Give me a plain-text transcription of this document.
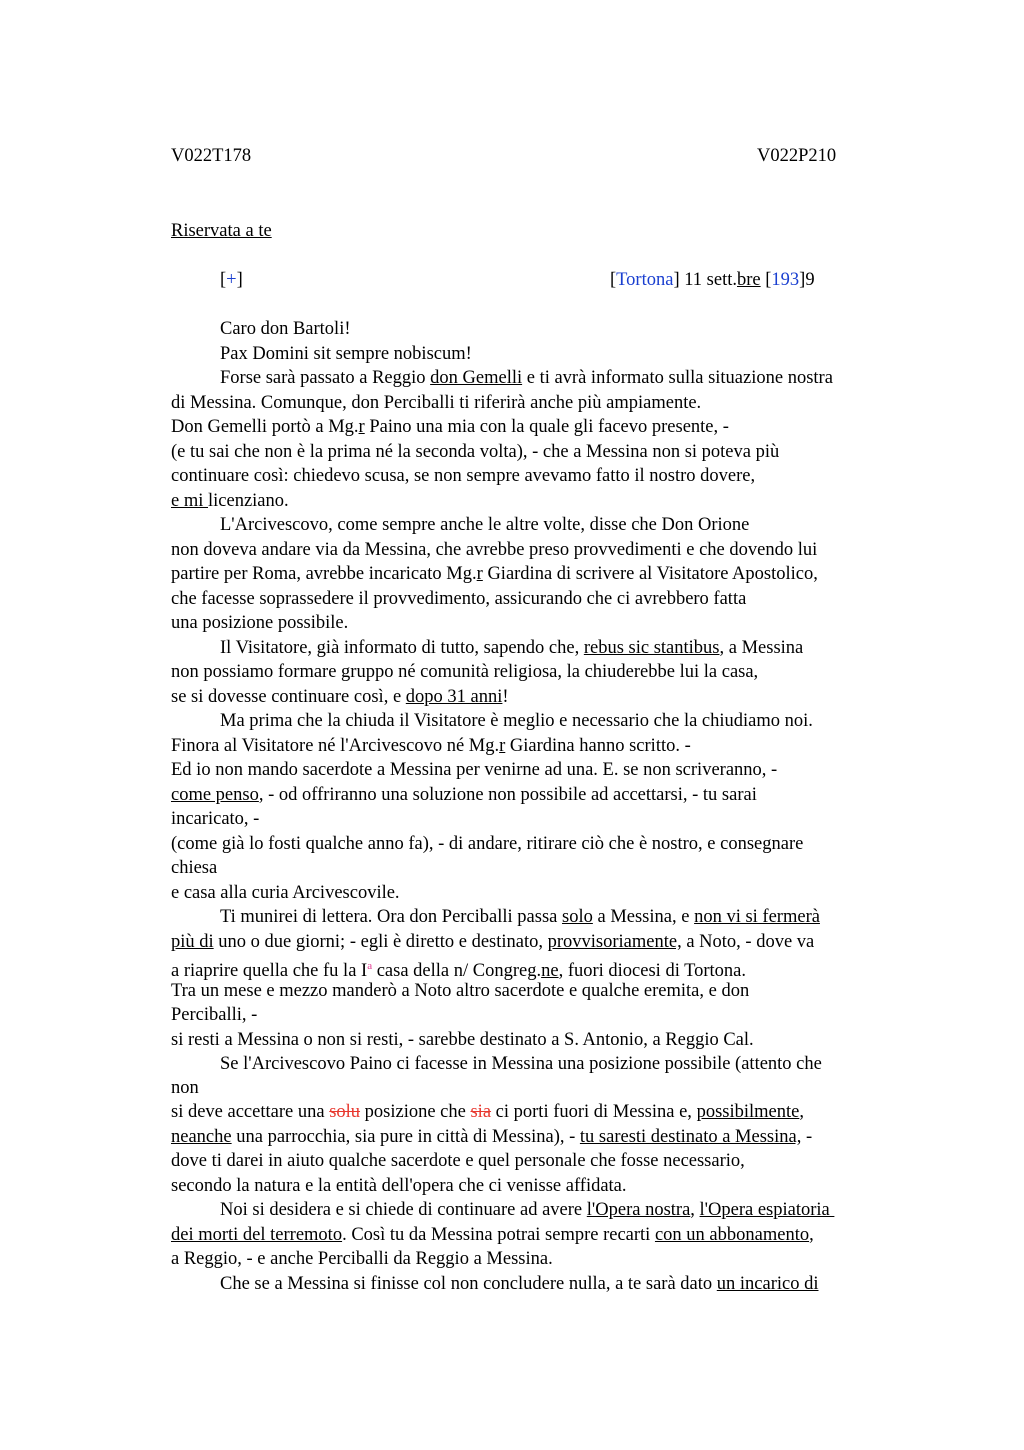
V022T178	V022P210
Riservata a te
[+]	[Tortona] 11 sett.bre [193]9
Caro don Bartoli!
Pax Domini sit sempre nobiscum!
Forse sarà passato a Reggio don Gemelli e ti avrà informato sulla situazione nostra
di Messina. Comunque, don Perciballi ti riferirà anche più ampiamente.
Don Gemelli portò a Mg.r Paino una mia con la quale gli facevo presente, -
(e tu sai che non è la prima né la seconda volta), - che a Messina non si poteva più
continuare così: chiedevo scusa, se non sempre avevamo fatto il nostro dovere,
e mi licenziano.
L'Arcivescovo, come sempre anche le altre volte, disse che Don Orione
non doveva andare via da Messina, che avrebbe preso provvedimenti e che dovendo lui
partire per Roma, avrebbe incaricato Mg.r Giardina di scrivere al Visitatore Apostolico,
che facesse soprassedere il provvedimento, assicurando che ci avrebbero fatta
una posizione possibile.
Il Visitatore, già informato di tutto, sapendo che, rebus sic stantibus, a Messina
non possiamo formare gruppo né comunità religiosa, la chiuderebbe lui la casa,
se si dovesse continuare così, e dopo 31 anni!
Ma prima che la chiuda il Visitatore è meglio e necessario che la chiudiamo noi.
Finora al Visitatore né l'Arcivescovo né Mg.r Giardina hanno scritto. -
Ed io non mando sacerdote a Messina per venirne ad una. E. se non scriveranno, -
come penso, - od offriranno una soluzione non possibile ad accettarsi, - tu sarai
incaricato, -
(come già lo fosti qualche anno fa), - di andare, ritirare ciò che è nostro, e consegnare
chiesa
e casa alla curia Arcivescovile.
Ti munirei di lettera. Ora don Perciballi passa solo a Messina, e non vi si fermerà
più di uno o due giorni; - egli è diretto e destinato, provvisoriamente, a Noto, - dove va
a riaprire quella che fu la $I^a$ casa della n/ Congreg.ne, fuori diocesi di Tortona.
Tra un mese e mezzo manderò a Noto altro sacerdote e qualche eremita, e don
Perciballi, -
si resti a Messina o non si resti, - sarebbe destinato a S. Antonio, a Reggio Cal.
Se l'Arcivescovo Paino ci facesse in Messina una posizione possibile (attento che
non
si deve accettare una solu posizione che sia ci porti fuori di Messina e, possibilmente,
neanche una parrocchia, sia pure in città di Messina), - tu saresti destinato a Messina, -
dove ti darei in aiuto qualche sacerdote e quel personale che fosse necessario,
secondo la natura e la entità dell'opera che ci venisse affidata.
Noi si desidera e si chiede di continuare ad avere l'Opera nostra, l'Opera espiatoria
dei morti del terremoto. Così tu da Messina potrai sempre recarti con un abbonamento,
a Reggio, - e anche Perciballi da Reggio a Messina.
Che se a Messina si finisse col non concludere nulla, a te sarà dato un incarico di
